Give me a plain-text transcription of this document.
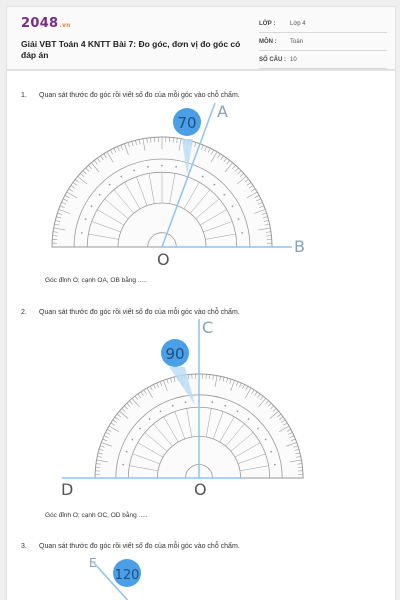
2048.vn
Giải VBT Toán 4 KNTT Bài 7: Đo góc, đơn vị đo góc có đáp án
LỚP : Lớp 4
MÔN : Toán
SỐ CÂU : 10
1. Quan sát thước đo góc rồi viết số đo của mỗi góc vào chỗ chấm.
70
A
B
O
Góc đỉnh O; cạnh OA, OB bằng .....
2. Quan sát thước đo góc rồi viết số đo của mỗi góc vào chỗ chấm.
90
C
D	O
Góc đỉnh O; cạnh OC, OD bằng .....
3. Quan sát thước đo góc rồi viết số đo của mỗi góc vào chỗ chấm.
120
E
